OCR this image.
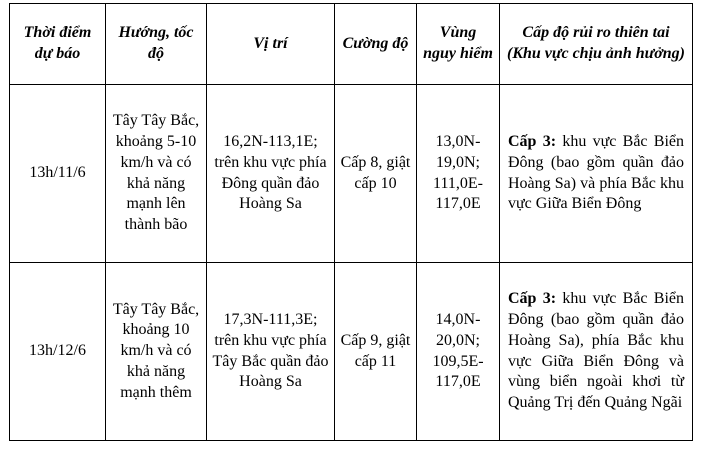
Thời điểm dự báo	Hướng, tốc độ	Vị trí	Cường độ	Vùng nguy hiểm	Cấp độ rủi ro thiên tai (Khu vực chịu ảnh hưởng)
13h/11/6	Tây Tây Bắc, khoảng 5-10 km/h và có khả năng mạnh lên thành bão	16,2N-113,1E; trên khu vực phía Đông quần đảo Hoàng Sa	Cấp 8, giật cấp 10	13,0N-19,0N; 111,0E-117,0E	Cấp 3: khu vực Bắc Biển Đông (bao gồm quần đảo Hoàng Sa) và phía Bắc khu vực Giữa Biển Đông
13h/12/6	Tây Tây Bắc, khoảng 10 km/h và có khả năng mạnh thêm	17,3N-111,3E; trên khu vực phía Tây Bắc quần đảo Hoàng Sa	Cấp 9, giật cấp 11	14,0N-20,0N; 109,5E-117,0E	Cấp 3: khu vực Bắc Biển Đông (bao gồm quần đảo Hoàng Sa), phía Bắc khu vực Giữa Biển Đông và vùng biển ngoài khơi từ Quảng Trị đến Quảng Ngãi
